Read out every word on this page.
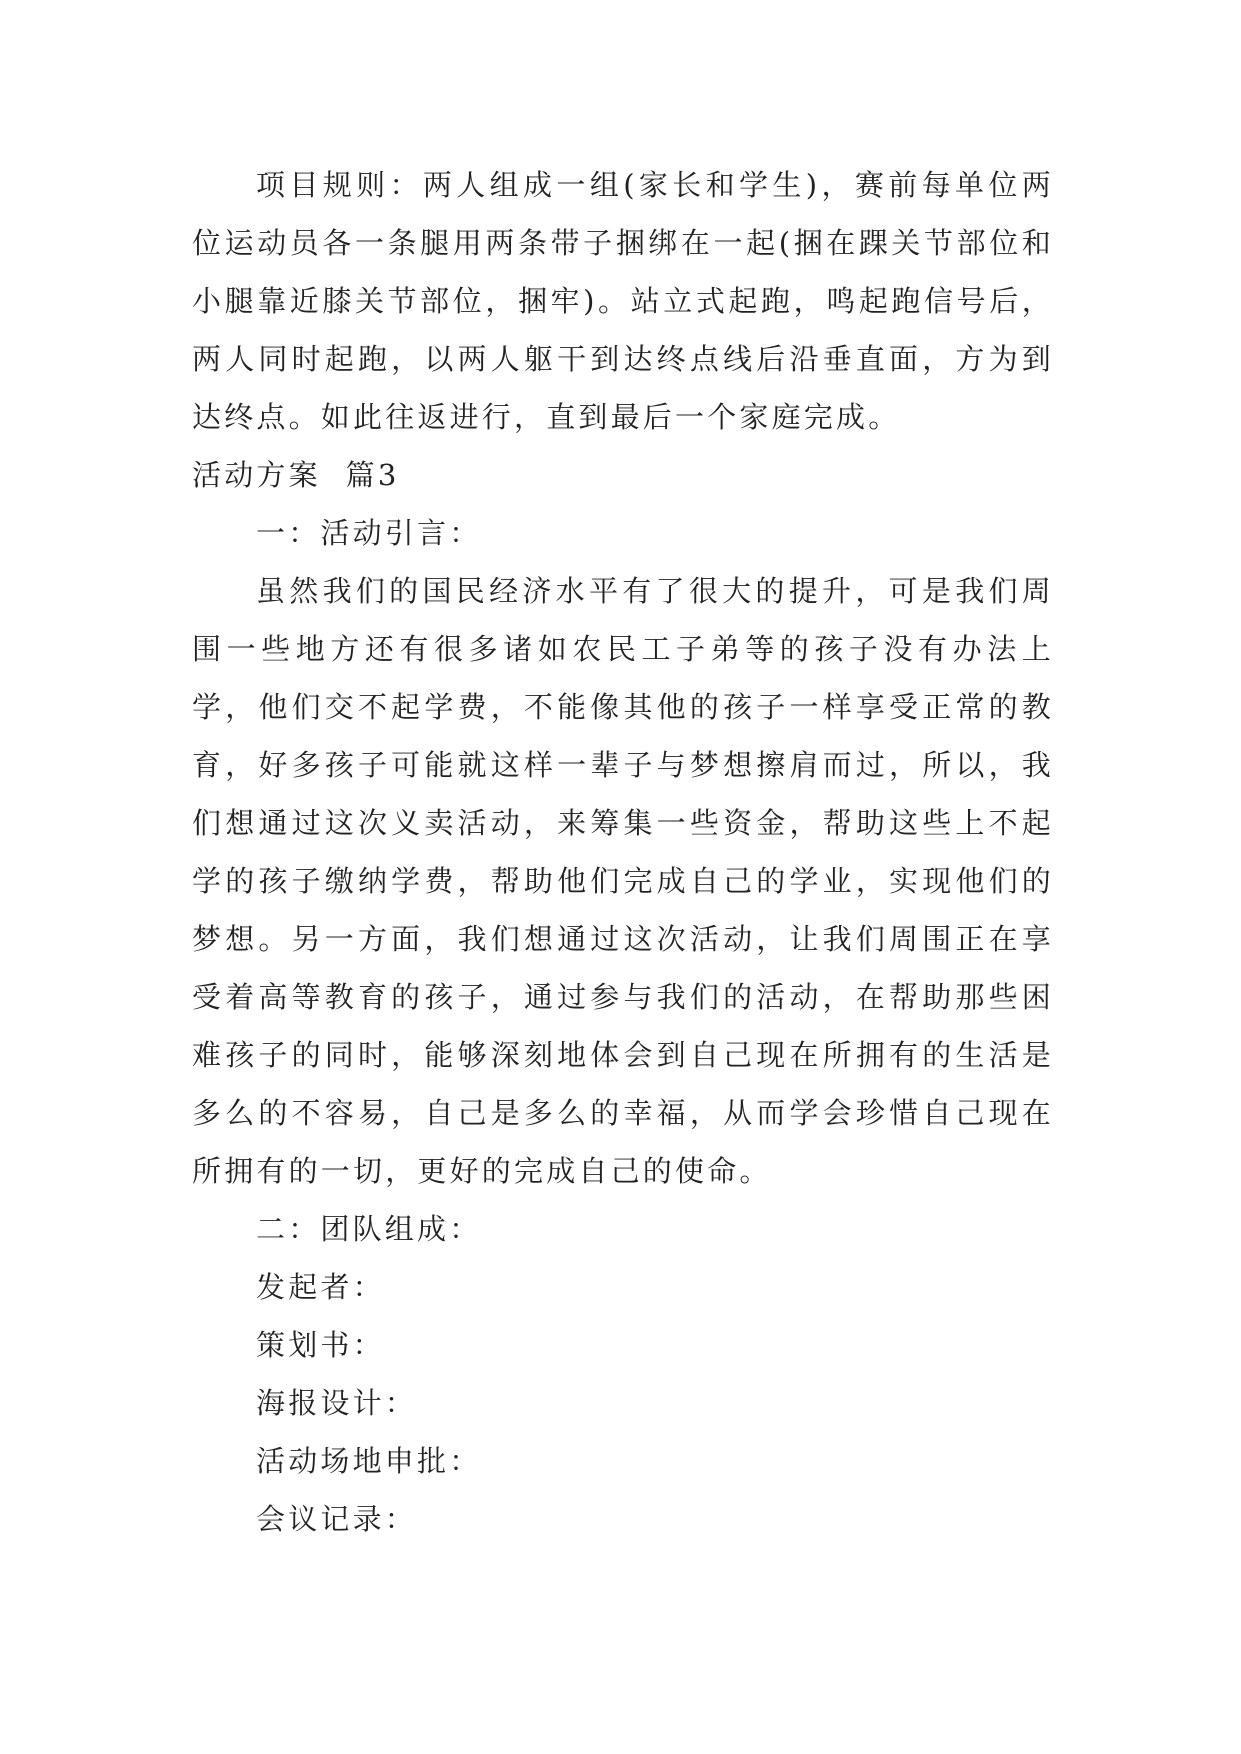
项目规则：两人组成一组(家长和学生)，赛前每单位两位运动员各一条腿用两条带子捆绑在一起(捆在踝关节部位和小腿靠近膝关节部位，捆牢)。站立式起跑，鸣起跑信号后，两人同时起跑，以两人躯干到达终点线后沿垂直面，方为到达终点。如此往返进行，直到最后一个家庭完成。

活动方案  篇3

一：活动引言：

虽然我们的国民经济水平有了很大的提升，可是我们周围一些地方还有很多诸如农民工子弟等的孩子没有办法上学，他们交不起学费，不能像其他的孩子一样享受正常的教育，好多孩子可能就这样一辈子与梦想擦肩而过，所以，我们想通过这次义卖活动，来筹集一些资金，帮助这些上不起学的孩子缴纳学费，帮助他们完成自己的学业，实现他们的梦想。另一方面，我们想通过这次活动，让我们周围正在享受着高等教育的孩子，通过参与我们的活动，在帮助那些困难孩子的同时，能够深刻地体会到自己现在所拥有的生活是多么的不容易，自己是多么的幸福，从而学会珍惜自己现在所拥有的一切，更好的完成自己的使命。

二：团队组成：

发起者：

策划书：

海报设计：

活动场地申批：

会议记录：
